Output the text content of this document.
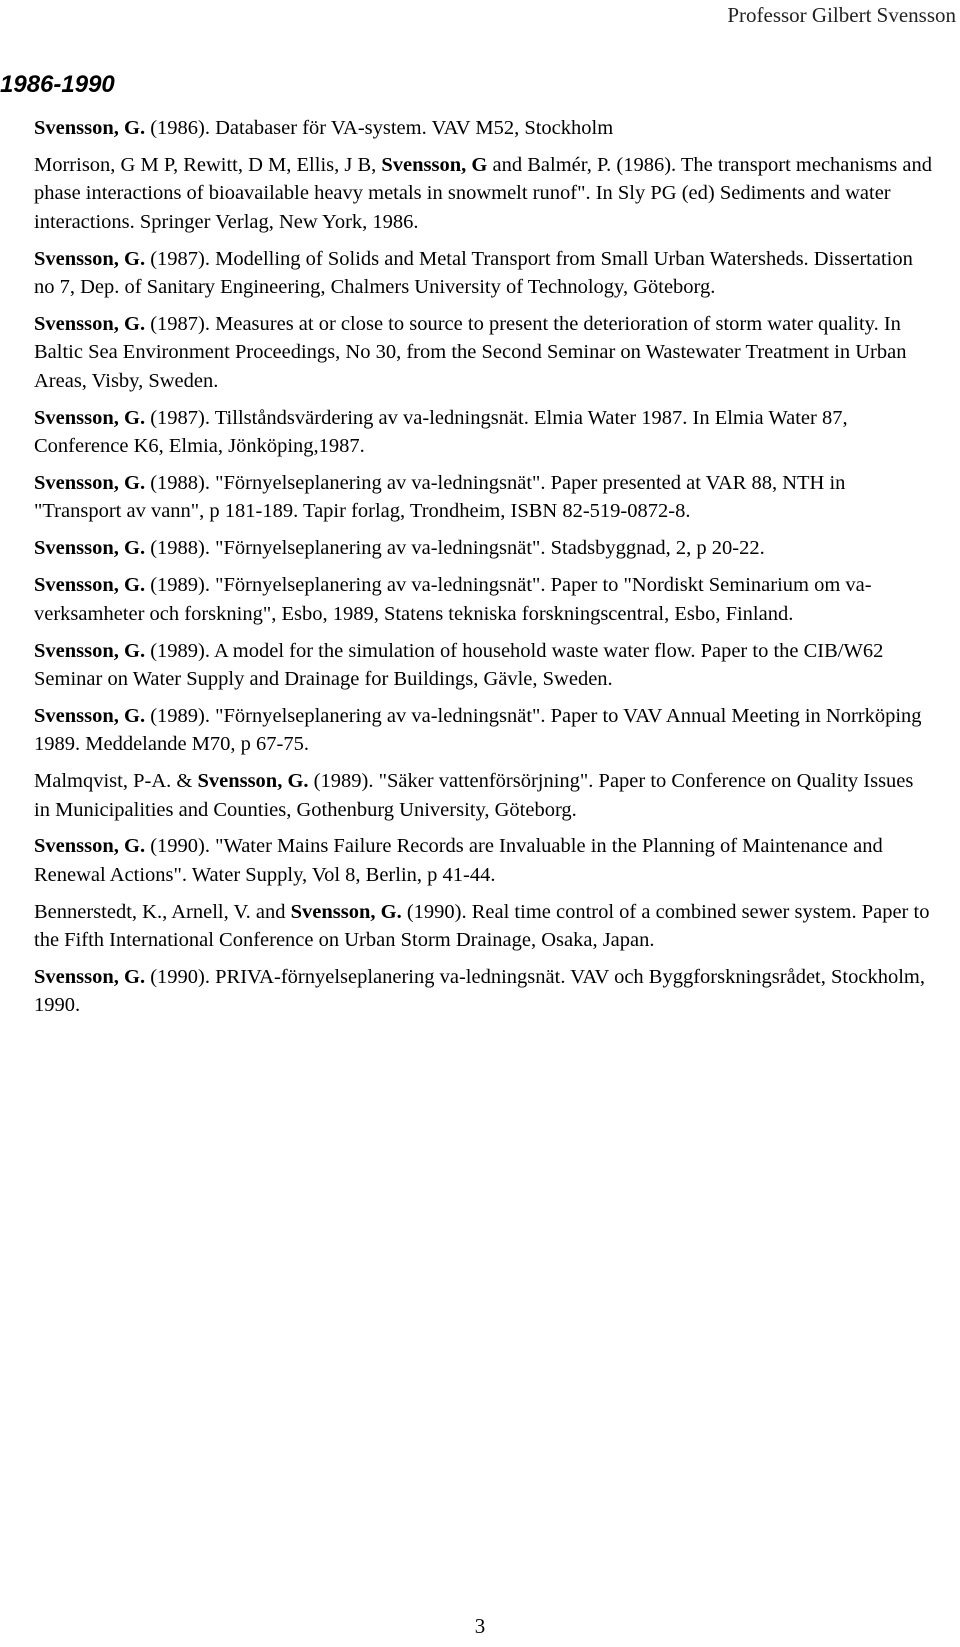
Professor Gilbert Svensson
1986-1990

Svensson, G. (1986). Databaser för VA-system. VAV M52, Stockholm

Morrison, G M P, Rewitt, D M, Ellis, J B, Svensson, G and Balmér, P. (1986). The transport mechanisms and phase interactions of bioavailable heavy metals in snowmelt runof". In Sly PG (ed) Sediments and water interactions. Springer Verlag, New York, 1986.

Svensson, G. (1987). Modelling of Solids and Metal Transport from Small Urban Watersheds. Dissertation no 7, Dep. of Sanitary Engineering, Chalmers University of Technology, Göteborg.

Svensson, G. (1987). Measures at or close to source to present the deterioration of storm water quality. In Baltic Sea Environment Proceedings, No 30, from the Second Seminar on Wastewater Treatment in Urban Areas, Visby, Sweden.

Svensson, G. (1987). Tillståndsvärdering av va-ledningsnät. Elmia Water 1987. In Elmia Water 87, Conference K6, Elmia, Jönköping,1987.

Svensson, G. (1988). "Förnyelseplanering av va-ledningsnät". Paper presented at VAR 88, NTH in "Transport av vann", p 181-189. Tapir forlag, Trondheim, ISBN 82-519-0872-8.

Svensson, G. (1988). "Förnyelseplanering av va-ledningsnät". Stadsbyggnad, 2, p 20-22.

Svensson, G. (1989). "Förnyelseplanering av va-ledningsnät". Paper to "Nordiskt Seminarium om va-verksamheter och forskning", Esbo, 1989, Statens tekniska forskningscentral, Esbo, Finland.

Svensson, G. (1989). A model for the simulation of household waste water flow. Paper to the CIB/W62 Seminar on Water Supply and Drainage for Buildings, Gävle, Sweden.

Svensson, G. (1989). "Förnyelseplanering av va-ledningsnät". Paper to VAV Annual Meeting in Norrköping 1989. Meddelande M70, p 67-75.

Malmqvist, P-A. & Svensson, G. (1989). "Säker vattenförsörjning". Paper to Conference on Quality Issues in Municipalities and Counties, Gothenburg University, Göteborg.

Svensson, G. (1990). "Water Mains Failure Records are Invaluable in the Planning of Maintenance and Renewal Actions". Water Supply, Vol 8, Berlin, p 41-44.

Bennerstedt, K., Arnell, V. and Svensson, G. (1990). Real time control of a combined sewer system. Paper to the Fifth International Conference on Urban Storm Drainage, Osaka, Japan.

Svensson, G. (1990). PRIVA-förnyelseplanering va-ledningsnät. VAV och Byggforskningsrådet, Stockholm, 1990.

3
